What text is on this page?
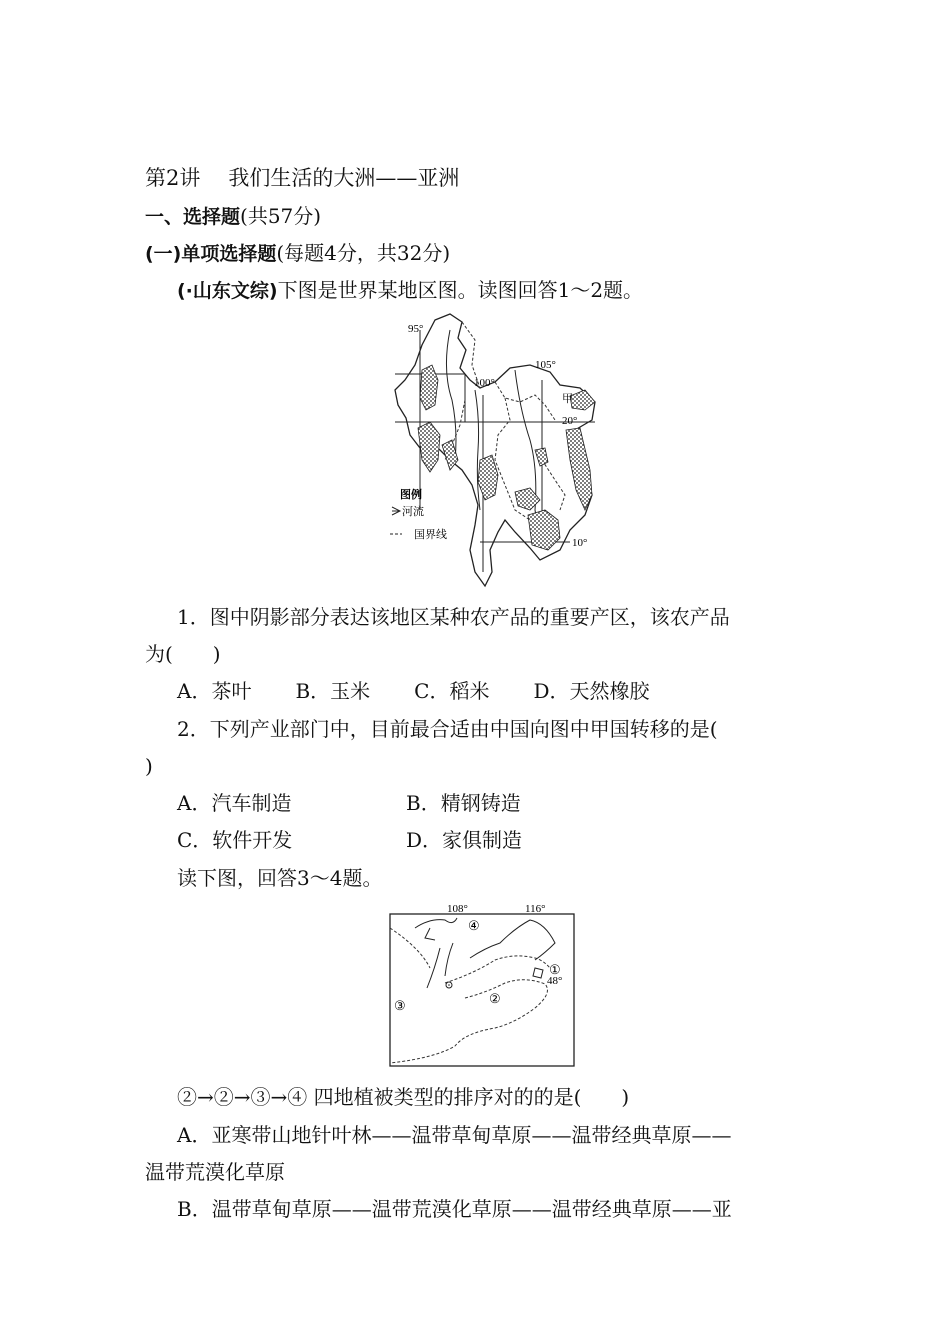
第2讲 我们生活的大洲——亚洲
一、选择题(共57分)
(一)单项选择题(每题4分，共32分)
(·山东文综)下图是世界某地区图。读图回答1～2题。
95°
100°
105°
20°
10°
甲
图例
河流
国界线
1．图中阴影部分表达该地区某种农产品的重要产区，该农产品
为(　　)
A．茶叶 B．玉米 C．稻米 D．天然橡胶
2．下列产业部门中，目前最合适由中国向图中甲国转移的是(
)
A．汽车制造	B．精钢铸造
C．软件开发	D．家俱制造
读下图，回答3～4题。
108°	116°
48°
④
①
②
③
②→②→③→④ 四地植被类型的排序对的的是(　　)
A．亚寒带山地针叶林——温带草甸草原——温带经典草原——
温带荒漠化草原
B．温带草甸草原——温带荒漠化草原——温带经典草原——亚
